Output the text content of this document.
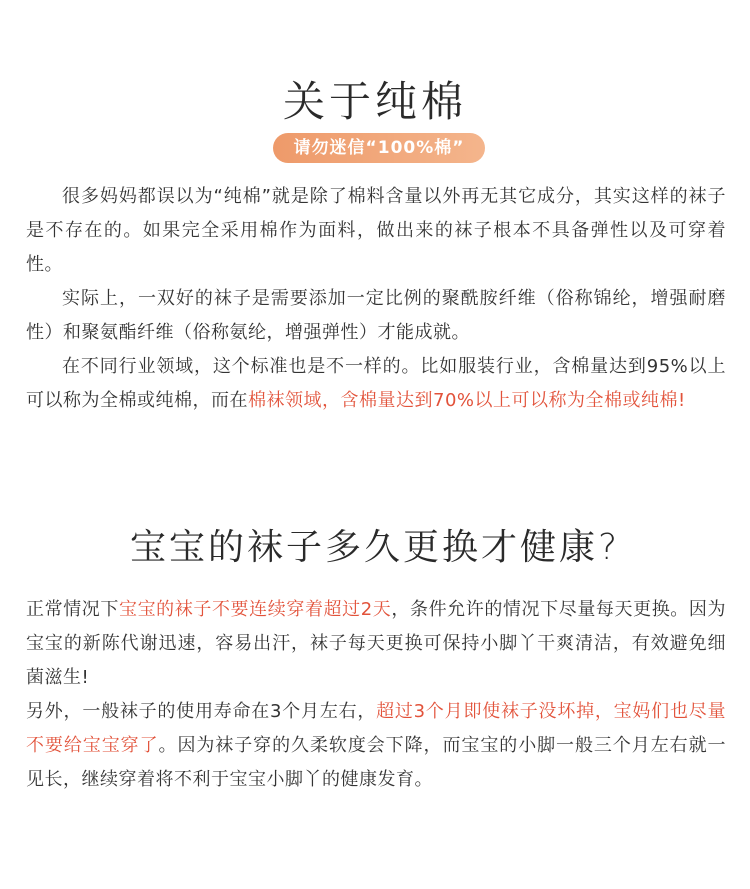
关于纯棉
请勿迷信“100%棉”
很多妈妈都误以为“纯棉”就是除了棉料含量以外再无其它成分，其实这样的袜子是不存在的。如果完全采用棉作为面料，做出来的袜子根本不具备弹性以及可穿着性。
实际上，一双好的袜子是需要添加一定比例的聚酰胺纤维（俗称锦纶，增强耐磨性）和聚氨酯纤维（俗称氨纶，增强弹性）才能成就。
在不同行业领域，这个标准也是不一样的。比如服装行业，含棉量达到95%以上可以称为全棉或纯棉，而在棉袜领域，含棉量达到70%以上可以称为全棉或纯棉!
宝宝的袜子多久更换才健康?
正常情况下宝宝的袜子不要连续穿着超过2天，条件允许的情况下尽量每天更换。因为宝宝的新陈代谢迅速，容易出汗，袜子每天更换可保持小脚丫干爽清洁，有效避免细菌滋生!
另外，一般袜子的使用寿命在3个月左右，超过3个月即使袜子没坏掉，宝妈们也尽量不要给宝宝穿了。因为袜子穿的久柔软度会下降，而宝宝的小脚一般三个月左右就一见长，继续穿着将不利于宝宝小脚丫的健康发育。
